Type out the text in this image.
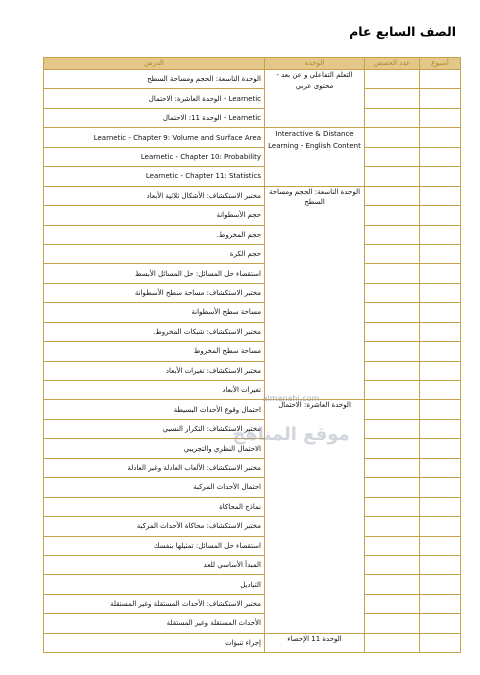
الصف السابع عام
أسبوع	عدد الحصص	الوحدة	الدرس
		التعلم التفاعلي و عن بعد - محتوى عربي	الوحدة التاسعة: الحجم ومساحة السطح
			Learnetic - الوحدة العاشرة: الاحتمال
			Learnetic - الوحدة 11: الاحتمال
		Interactive & Distance Learning - English Content	Learnetic - Chapter 9: Volume and Surface Area
			Learnetic - Chapter 10: Probability
			Learnetic - Chapter 11: Statistics
		الوحدة التاسعة: الحجم ومساحة السطح	مختبر الاستكشاف: الأشكال ثلاثية الأبعاد
			حجم الأسطوانة
			حجم المخروط.
			حجم الكرة
			استقصاء حل المسائل: حل المسائل الأبسط
			مختبر الاستكشاف: مساحة سطح الأسطوانة
			مساحة سطح الأسطوانة
			مختبر الاستكشاف: شبكات المخروط.
			مساحة سطح المخروط
			مختبر الاستكشاف: تغيرات الأبعاد
			تغيرات الأبعاد
		الوحدة العاشرة: الاحتمال	احتمال وقوع الأحداث البسيطة
			مختبر الاستكشاف: التكرار النسبي
			الاحتمال النظري والتجريبي
			مختبر الاستكشاف: الألعاب العادلة وغير العادلة
			احتمال الأحداث المركبة
			نماذج المحاكاة
			مختبر الاستكشاف: محاكاة الأحداث المركبة
			استقصاء حل المسائل: تمثيلها بنفسك
			المبدأ الأساسي للعد
			التباديل
			مختبر الاستكشاف: الأحداث المستقلة وغير المستقلة
			الأحداث المستقلة وغير المستقلة
		الوحدة 11 الإحصاء	إجراء تنبؤات
almanahj.com
موقع المناهج
